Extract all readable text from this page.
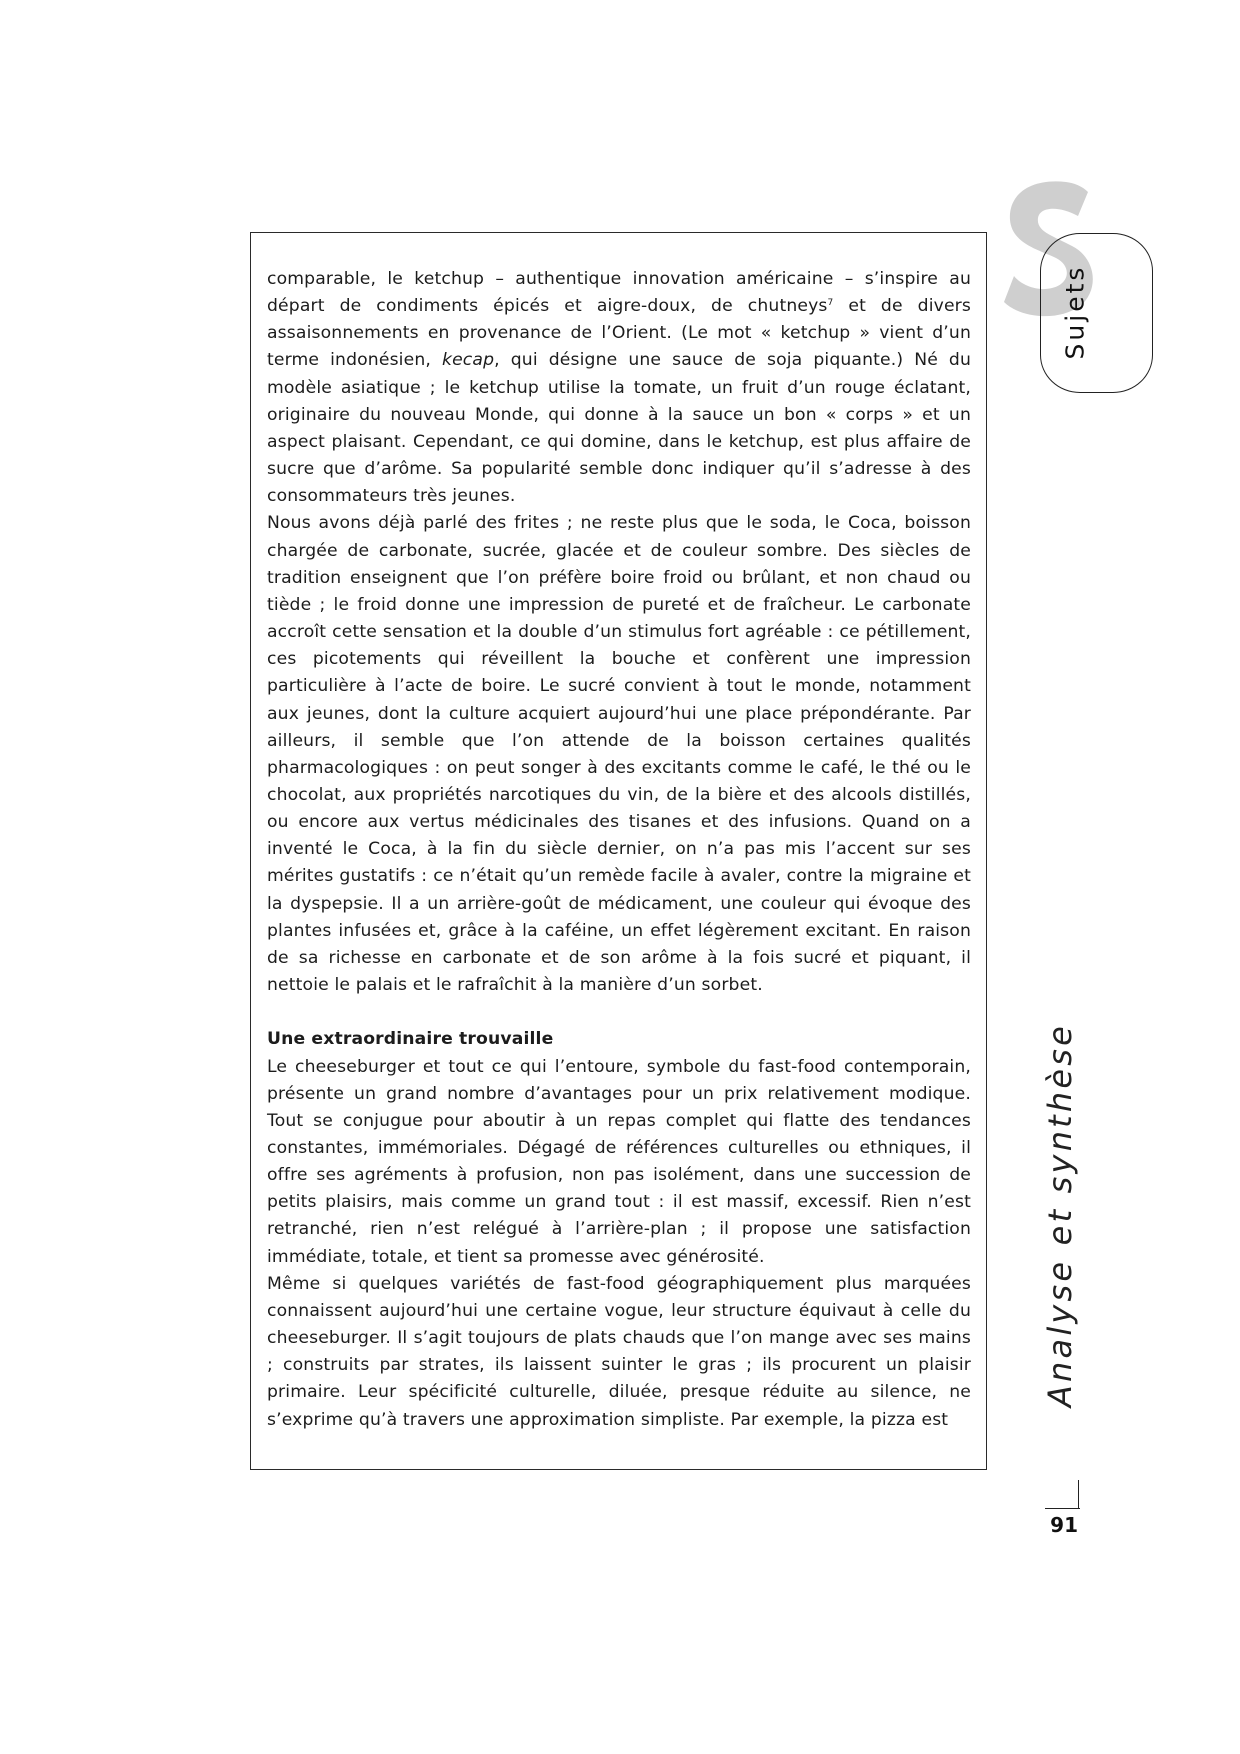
Sujets

comparable, le ketchup – authentique innovation américaine – s’inspire au départ de condiments épicés et aigre-doux, de chutneys$^7$ et de divers assaisonnements en provenance de l’Orient. (Le mot « ketchup » vient d’un terme indonésien, kecap, qui désigne une sauce de soja piquante.) Né du modèle asiatique ; le ketchup utilise la tomate, un fruit d’un rouge éclatant, originaire du nouveau Monde, qui donne à la sauce un bon « corps » et un aspect plaisant. Cependant, ce qui domine, dans le ketchup, est plus affaire de sucre que d’arôme. Sa popularité semble donc indiquer qu’il s’adresse à des consommateurs très jeunes.

Nous avons déjà parlé des frites ; ne reste plus que le soda, le Coca, boisson chargée de carbonate, sucrée, glacée et de couleur sombre. Des siècles de tradition enseignent que l’on préfère boire froid ou brûlant, et non chaud ou tiède ; le froid donne une impression de pureté et de fraîcheur. Le carbonate accroît cette sensation et la double d’un stimulus fort agréable : ce pétillement, ces picotements qui réveillent la bouche et confèrent une impression particulière à l’acte de boire. Le sucré convient à tout le monde, notamment aux jeunes, dont la culture acquiert aujourd’hui une place prépondérante. Par ailleurs, il semble que l’on attende de la boisson certaines qualités pharmacologiques : on peut songer à des excitants comme le café, le thé ou le chocolat, aux propriétés narcotiques du vin, de la bière et des alcools distillés, ou encore aux vertus médicinales des tisanes et des infusions. Quand on a inventé le Coca, à la fin du siècle dernier, on n’a pas mis l’accent sur ses mérites gustatifs : ce n’était qu’un remède facile à avaler, contre la migraine et la dyspepsie. Il a un arrière-goût de médicament, une couleur qui évoque des plantes infusées et, grâce à la caféine, un effet légèrement excitant. En raison de sa richesse en carbonate et de son arôme à la fois sucré et piquant, il nettoie le palais et le rafraîchit à la manière d’un sorbet.

Une extraordinaire trouvaille

Le cheeseburger et tout ce qui l’entoure, symbole du fast-food contemporain, présente un grand nombre d’avantages pour un prix relativement modique. Tout se conjugue pour aboutir à un repas complet qui flatte des tendances constantes, immémoriales. Dégagé de références culturelles ou ethniques, il offre ses agréments à profusion, non pas isolément, dans une succession de petits plaisirs, mais comme un grand tout : il est massif, excessif. Rien n’est retranché, rien n’est relégué à l’arrière-plan ; il propose une satisfaction immédiate, totale, et tient sa promesse avec générosité.

Même si quelques variétés de fast-food géographiquement plus marquées connaissent aujourd’hui une certaine vogue, leur structure équivaut à celle du cheeseburger. Il s’agit toujours de plats chauds que l’on mange avec ses mains ; construits par strates, ils laissent suinter le gras ; ils procurent un plaisir primaire. Leur spécificité culturelle, diluée, presque réduite au silence, ne s’exprime qu’à travers une approximation simpliste. Par exemple, la pizza est

Analyse et synthèse
91
